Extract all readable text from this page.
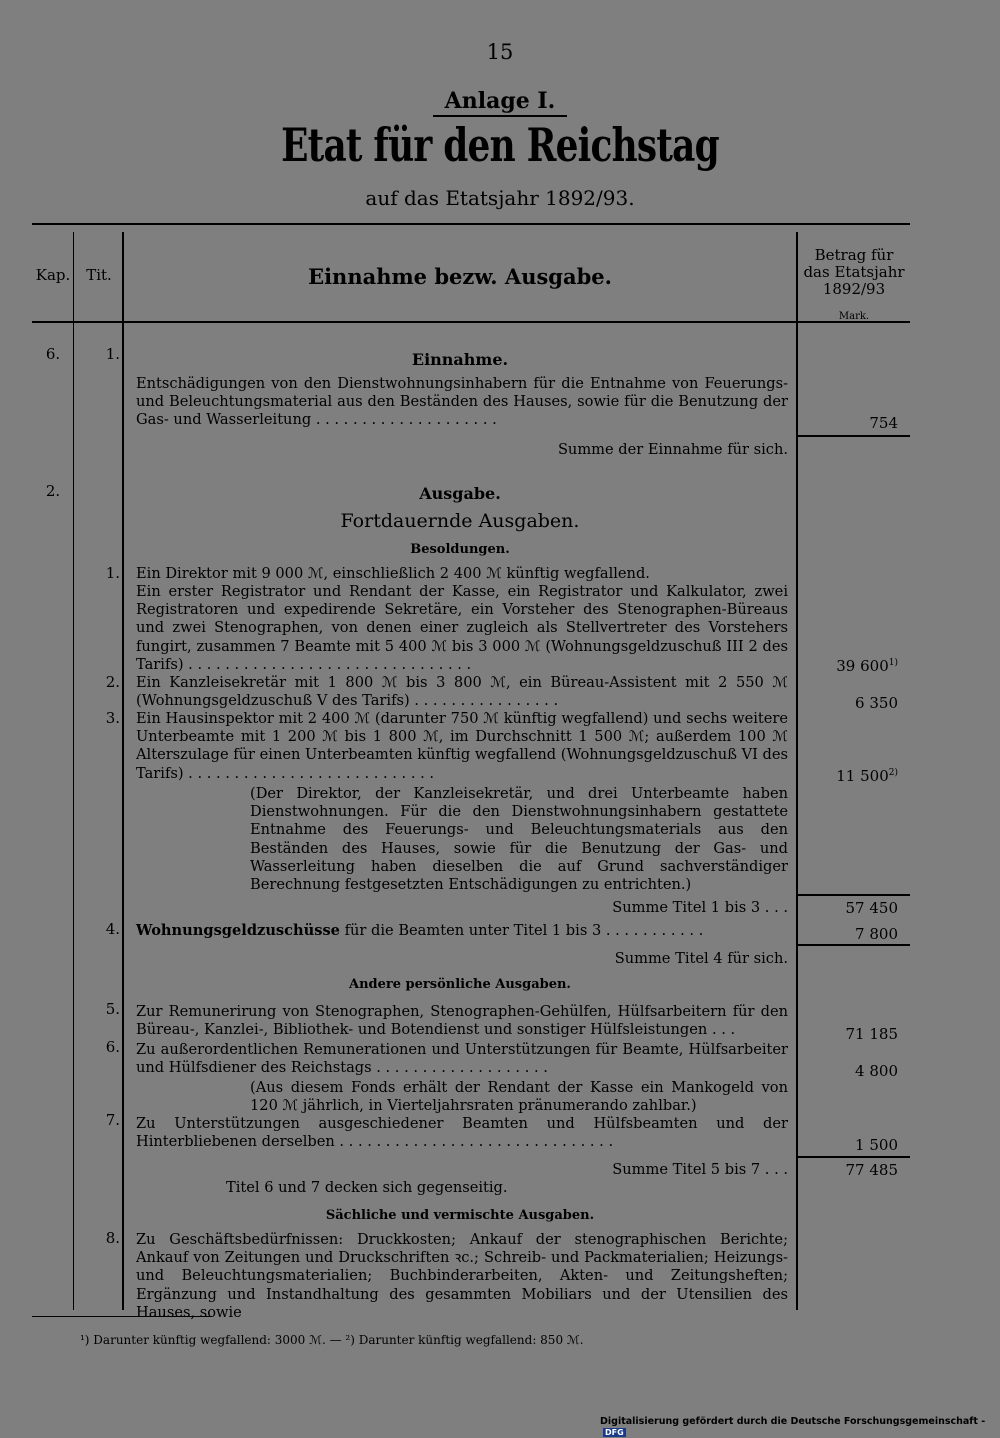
15
Anlage I.
Etat für den Reichstag
auf das Etatsjahr 1892/93.
Kap.	Tit.	Einnahme bezw. Ausgabe.
Betrag für
das Etatsjahr
1892/93
Mark.
6.	1.	Einnahme.
Entschädigungen von den Dienstwohnungsinhabern für die Entnahme von Feuerungs- und Beleuchtungsmaterial aus den Beständen des Hauses, sowie für die Benutzung der Gas- und Wasserleitung . . . . . . . . . . . . . . . . . . . .	754
Summe der Einnahme für sich.
2.	Ausgabe.
Fortdauernde Ausgaben.
Besoldungen.
1. Ein Direktor mit 9 000 ℳ, einschließlich 2 400 ℳ künftig wegfallend.
Ein erster Registrator und Rendant der Kasse, ein Registrator und Kalkulator, zwei Registratoren und expedirende Sekretäre, ein Vorsteher des Stenographen-Büreaus und zwei Stenographen, von denen einer zugleich als Stellvertreter des Vorstehers fungirt, zusammen 7 Beamte mit 5 400 ℳ bis 3 000 ℳ (Wohnungsgeldzuschuß III 2 des Tarifs) . . . . . . . . . . . . . . . . . . . . . . . . . . . . . . .	39 600$^{1)}$
2. Ein Kanzleisekretär mit 1 800 ℳ bis 3 800 ℳ, ein Büreau-Assistent mit 2 550 ℳ (Wohnungsgeldzuschuß V des Tarifs) . . . . . . . . . . . . . . . .	6 350
3. Ein Hausinspektor mit 2 400 ℳ (darunter 750 ℳ künftig wegfallend) und sechs weitere Unterbeamte mit 1 200 ℳ bis 1 800 ℳ, im Durchschnitt 1 500 ℳ; außerdem 100 ℳ Alterszulage für einen Unterbeamten künftig wegfallend (Wohnungsgeldzuschuß VI des Tarifs) . . . . . . . . . . . . . . . . . . . . . . . . . . .	11 500$^{2)}$
(Der Direktor, der Kanzleisekretär, und drei Unterbeamte haben Dienstwohnungen. Für die den Dienstwohnungsinhabern gestattete Entnahme des Feuerungs- und Beleuchtungsmaterials aus den Beständen des Hauses, sowie für die Benutzung der Gas- und Wasserleitung haben dieselben die auf Grund sachverständiger Berechnung festgesetzten Entschädigungen zu entrichten.)
Summe Titel 1 bis 3 . . .	57 450
4. Wohnungsgeldzuschüsse für die Beamten unter Titel 1 bis 3 . . . . . . . . . . .	7 800
Summe Titel 4 für sich.
Andere persönliche Ausgaben.
5. Zur Remunerirung von Stenographen, Stenographen-Gehülfen, Hülfsarbeitern für den Büreau-, Kanzlei-, Bibliothek- und Botendienst und sonstiger Hülfsleistungen . . .	71 185
6. Zu außerordentlichen Remunerationen und Unterstützungen für Beamte, Hülfsarbeiter und Hülfsdiener des Reichstags . . . . . . . . . . . . . . . . . . .	4 800
(Aus diesem Fonds erhält der Rendant der Kasse ein Mankogeld von 120 ℳ jährlich, in Vierteljahrsraten pränumerando zahlbar.)
7. Zu Unterstützungen ausgeschiedener Beamten und Hülfsbeamten und der Hinterbliebenen derselben . . . . . . . . . . . . . . . . . . . . . . . . . . . . . .	1 500
Summe Titel 5 bis 7 . . .	77 485
Titel 6 und 7 decken sich gegenseitig.
Sächliche und vermischte Ausgaben.
8. Zu Geschäftsbedürfnissen: Druckkosten; Ankauf der stenographischen Berichte; Ankauf von Zeitungen und Druckschriften ꝛc.; Schreib- und Packmaterialien; Heizungs- und Beleuchtungsmaterialien; Buchbinderarbeiten, Akten- und Zeitungsheften; Ergänzung und Instandhaltung des gesammten Mobiliars und der Utensilien des Hauses, sowie
¹) Darunter künftig wegfallend: 3000 ℳ. — ²) Darunter künftig wegfallend: 850 ℳ.
Digitalisierung gefördert durch die Deutsche Forschungsgemeinschaft -DFG
